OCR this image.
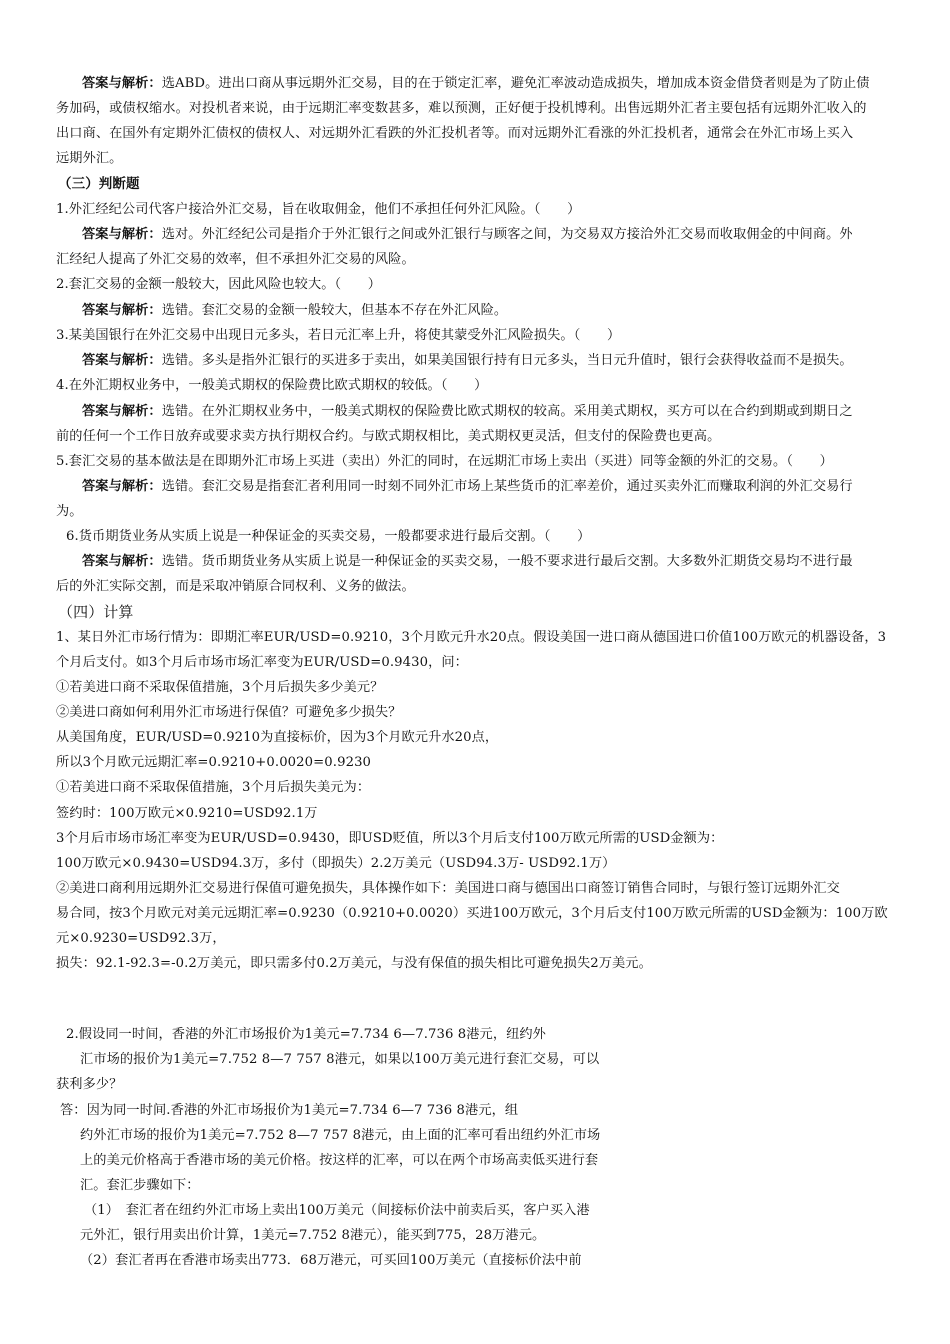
答案与解析：选ABD。进出口商从事远期外汇交易，目的在于锁定汇率，避免汇率波动造成损失，增加成本资金借贷者则是为了防止债
务加码，或债权缩水。对投机者来说，由于远期汇率变数甚多，难以预测，正好便于投机博利。出售远期外汇者主要包括有远期外汇收入的
出口商、在国外有定期外汇债权的债权人、对远期外汇看跌的外汇投机者等。而对远期外汇看涨的外汇投机者，通常会在外汇市场上买入
远期外汇。
（三）判断题
1.外汇经纪公司代客户接洽外汇交易，旨在收取佣金，他们不承担任何外汇风险。（　　）
答案与解析：选对。外汇经纪公司是指介于外汇银行之间或外汇银行与顾客之间，为交易双方接洽外汇交易而收取佣金的中间商。外
汇经纪人提高了外汇交易的效率，但不承担外汇交易的风险。
2.套汇交易的金额一般较大，因此风险也较大。（　　）
答案与解析：选错。套汇交易的金额一般较大，但基本不存在外汇风险。
3.某美国银行在外汇交易中出现日元多头，若日元汇率上升，将使其蒙受外汇风险损失。（　　）
答案与解析：选错。多头是指外汇银行的买进多于卖出，如果美国银行持有日元多头，当日元升值时，银行会获得收益而不是损失。
4.在外汇期权业务中，一般美式期权的保险费比欧式期权的较低。（　　）
答案与解析：选错。在外汇期权业务中，一般美式期权的保险费比欧式期权的较高。采用美式期权，买方可以在合约到期或到期日之
前的任何一个工作日放弃或要求卖方执行期权合约。与欧式期权相比，美式期权更灵活，但支付的保险费也更高。
5.套汇交易的基本做法是在即期外汇市场上买进（卖出）外汇的同时，在远期汇市场上卖出（买进）同等金额的外汇的交易。（　　）
答案与解析：选错。套汇交易是指套汇者利用同一时刻不同外汇市场上某些货币的汇率差价，通过买卖外汇而赚取利润的外汇交易行
为。
6.货币期货业务从实质上说是一种保证金的买卖交易，一般都要求进行最后交割。（　　）
答案与解析：选错。货币期货业务从实质上说是一种保证金的买卖交易，一般不要求进行最后交割。大多数外汇期货交易均不进行最
后的外汇实际交割，而是采取冲销原合同权利、义务的做法。
（四）计算
1、某日外汇市场行情为：即期汇率EUR/USD=0.9210，3个月欧元升水20点。假设美国一进口商从德国进口价值100万欧元的机器设备，3
个月后支付。如3个月后市场市场汇率变为EUR/USD=0.9430，问：
①若美进口商不采取保值措施，3个月后损失多少美元？
②美进口商如何利用外汇市场进行保值？可避免多少损失？
从美国角度，EUR/USD=0.9210为直接标价，因为3个月欧元升水20点，
所以3个月欧元远期汇率=0.9210+0.0020=0.9230
①若美进口商不采取保值措施，3个月后损失美元为：
签约时：100万欧元×0.9210=USD92.1万
3个月后市场市场汇率变为EUR/USD=0.9430，即USD贬值，所以3个月后支付100万欧元所需的USD金额为：
100万欧元×0.9430=USD94.3万，多付（即损失）2.2万美元（USD94.3万- USD92.1万）
②美进口商利用远期外汇交易进行保值可避免损失，具体操作如下：美国进口商与德国出口商签订销售合同时，与银行签订远期外汇交
易合同，按3个月欧元对美元远期汇率=0.9230（0.9210+0.0020）买进100万欧元，3个月后支付100万欧元所需的USD金额为：100万欧
元×0.9230=USD92.3万，
损失：92.1-92.3=-0.2万美元，即只需多付0.2万美元，与没有保值的损失相比可避免损失2万美元。
2.假设同一时间，香港的外汇市场报价为1美元=7.734 6—7.736 8港元，纽约外
汇市场的报价为1美元=7.752 8—7 757 8港元，如果以100万美元进行套汇交易，可以
获利多少？
答：因为同一时间.香港的外汇市场报价为1美元=7.734 6—7 736 8港元，组
约外汇市场的报价为1美元=7.752 8—7 757 8港元，由上面的汇率可看出纽约外汇市场
上的美元价格高于香港市场的美元价格。按这样的汇率，可以在两个市场高卖低买进行套
汇。套汇步骤如下：
（1）　套汇者在纽约外汇市场上卖出100万美元（间接标价法中前卖后买，客户买入港
元外汇，银行用卖出价计算，1美元=7.752 8港元），能买到775，28万港元。
（2）套汇者再在香港市场卖出773．68万港元，可买回100万美元（直接标价法中前
